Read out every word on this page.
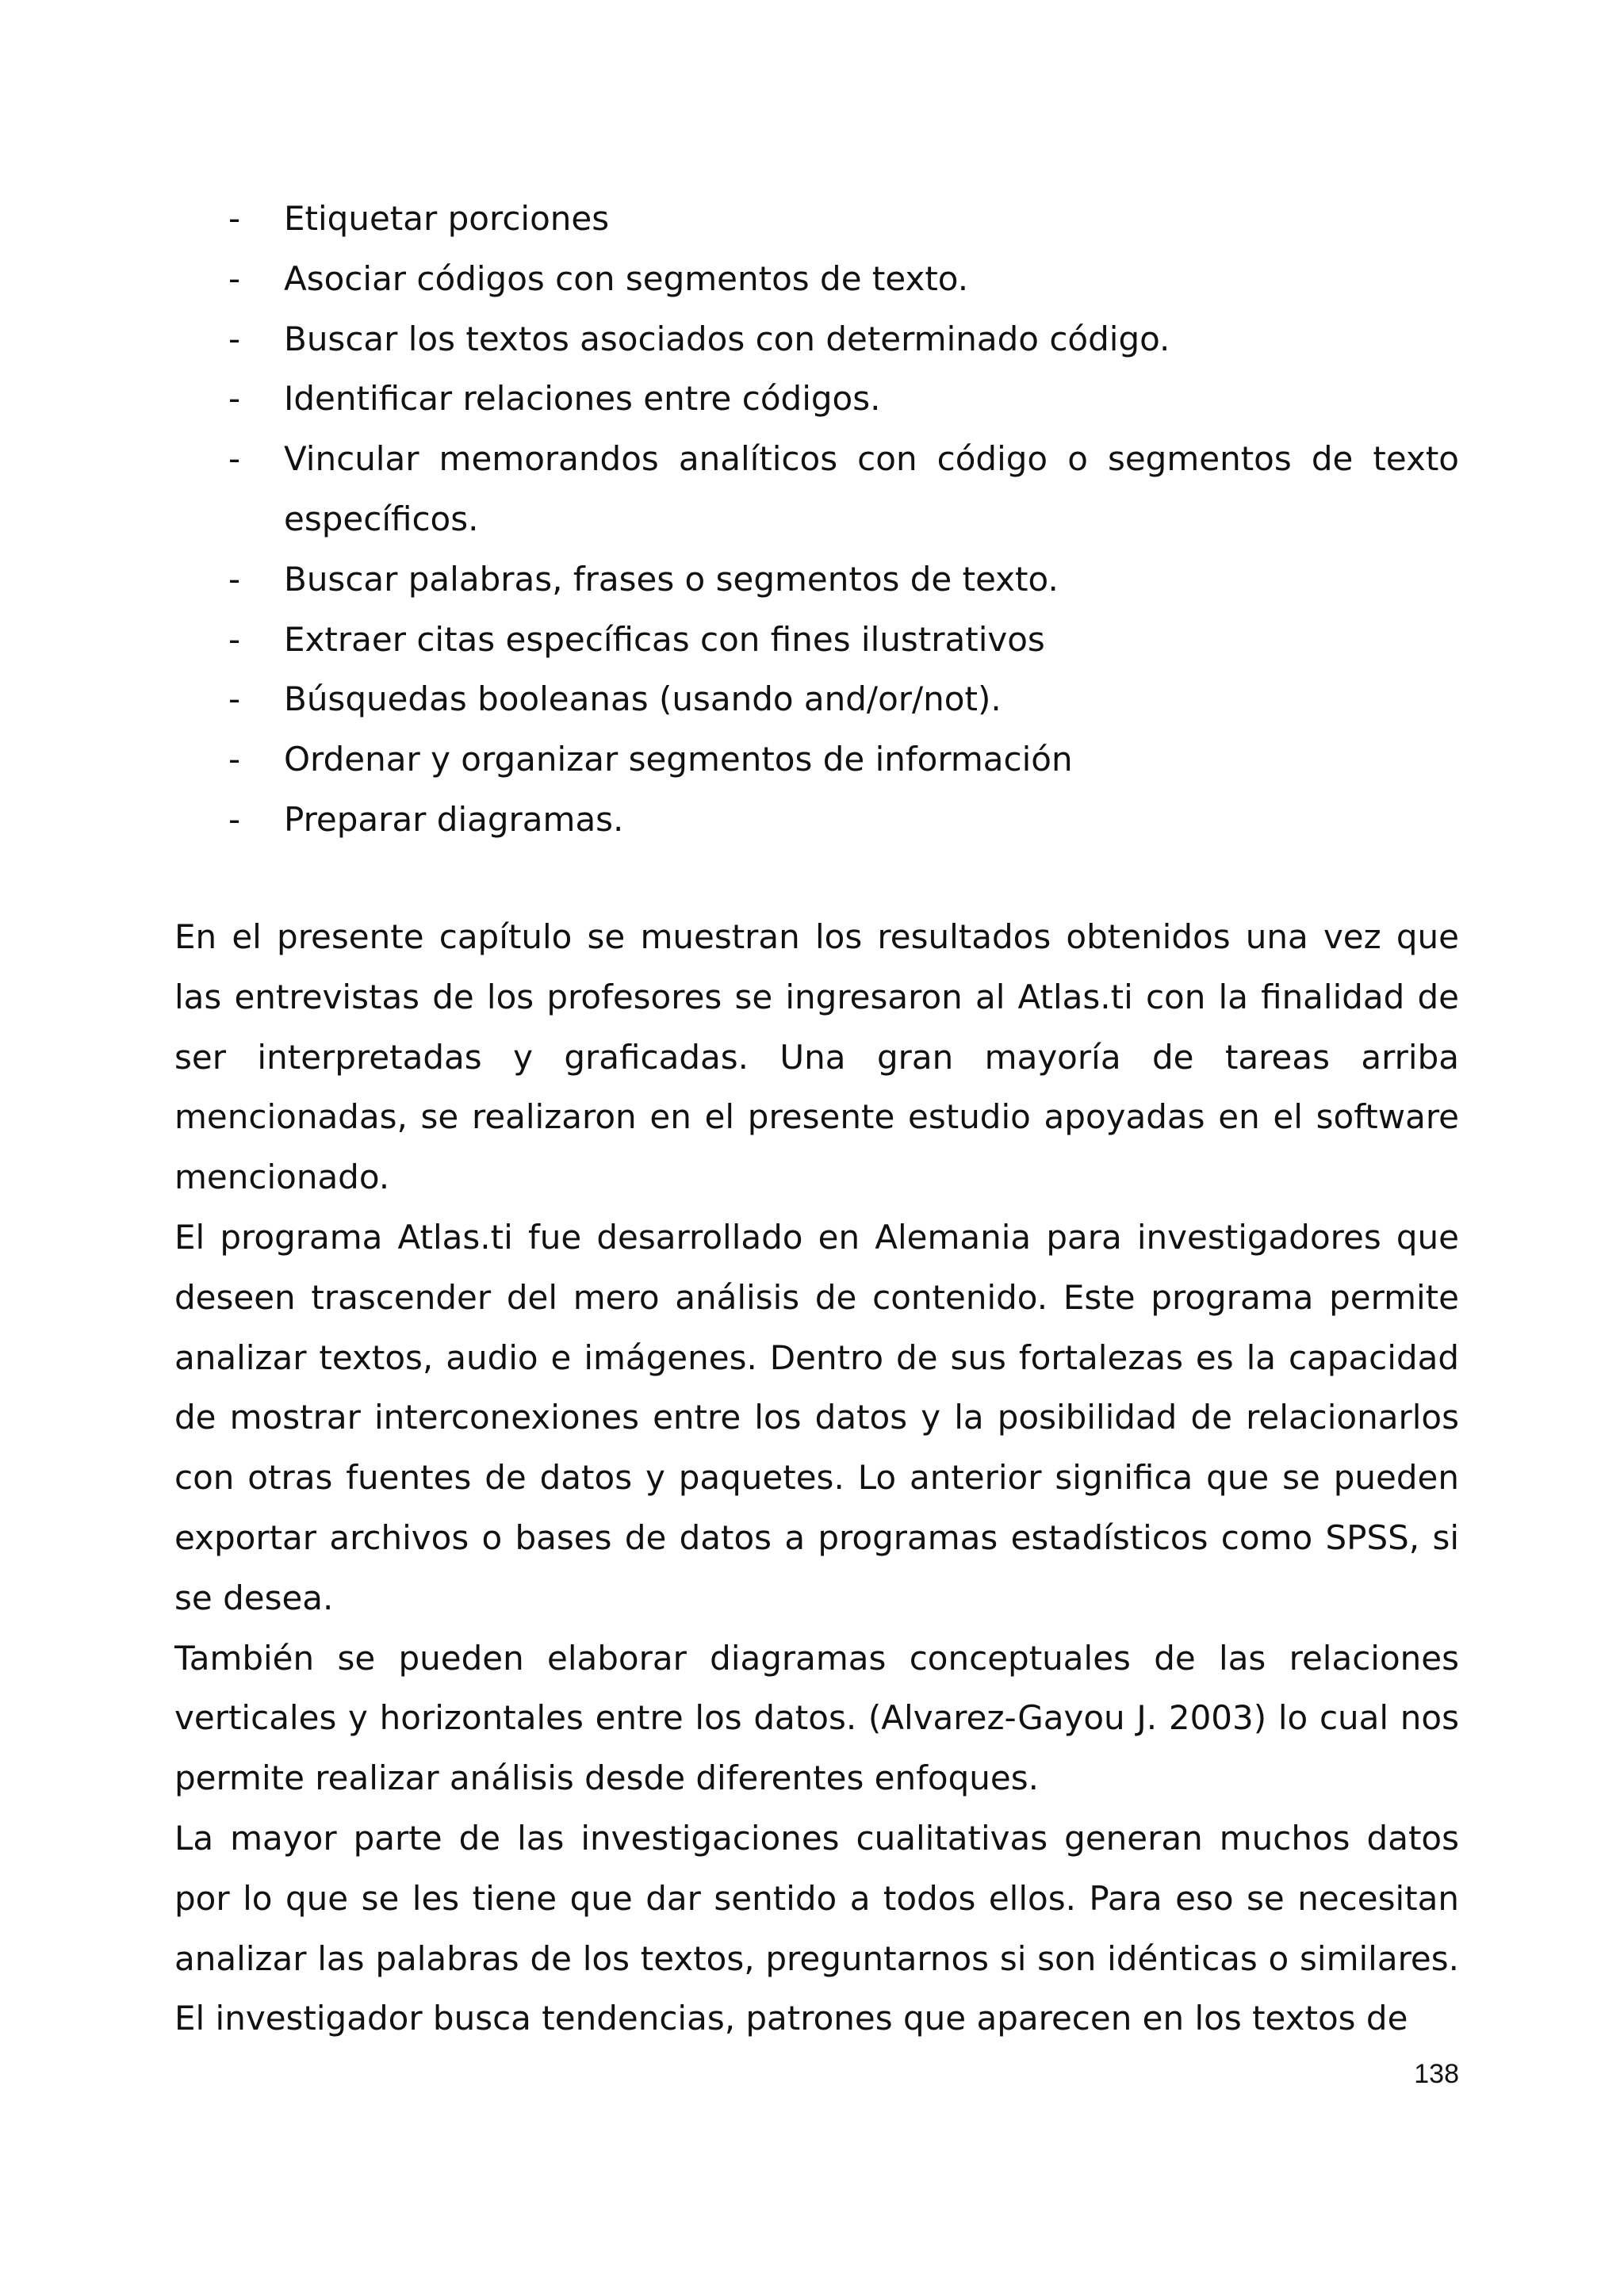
- Etiquetar porciones
- Asociar códigos con segmentos de texto.
- Buscar los textos asociados con determinado código.
- Identificar relaciones entre códigos.
- Vincular memorandos analíticos con código o segmentos de texto específicos.
- Buscar palabras, frases o segmentos de texto.
- Extraer citas específicas con fines ilustrativos
- Búsquedas booleanas (usando and/or/not).
- Ordenar y organizar segmentos de información
- Preparar diagramas.

En el presente capítulo se muestran los resultados obtenidos una vez que las entrevistas de los profesores se ingresaron al Atlas.ti con la finalidad de ser interpretadas y graficadas. Una gran mayoría de tareas arriba mencionadas, se realizaron en el presente estudio apoyadas en el software mencionado.

El programa Atlas.ti fue desarrollado en Alemania para investigadores que deseen trascender del mero análisis de contenido. Este programa permite analizar textos, audio e imágenes. Dentro de sus fortalezas es la capacidad de mostrar interconexiones entre los datos y la posibilidad de relacionarlos con otras fuentes de datos y paquetes. Lo anterior significa que se pueden exportar archivos o bases de datos a programas estadísticos como SPSS, si se desea.

También se pueden elaborar diagramas conceptuales de las relaciones verticales y horizontales entre los datos. (Alvarez-Gayou J. 2003) lo cual nos permite realizar análisis desde diferentes enfoques.

La mayor parte de las investigaciones cualitativas generan muchos datos por lo que se les tiene que dar sentido a todos ellos. Para eso se necesitan analizar las palabras de los textos, preguntarnos si son idénticas o similares. El investigador busca tendencias, patrones que aparecen en los textos de

138
